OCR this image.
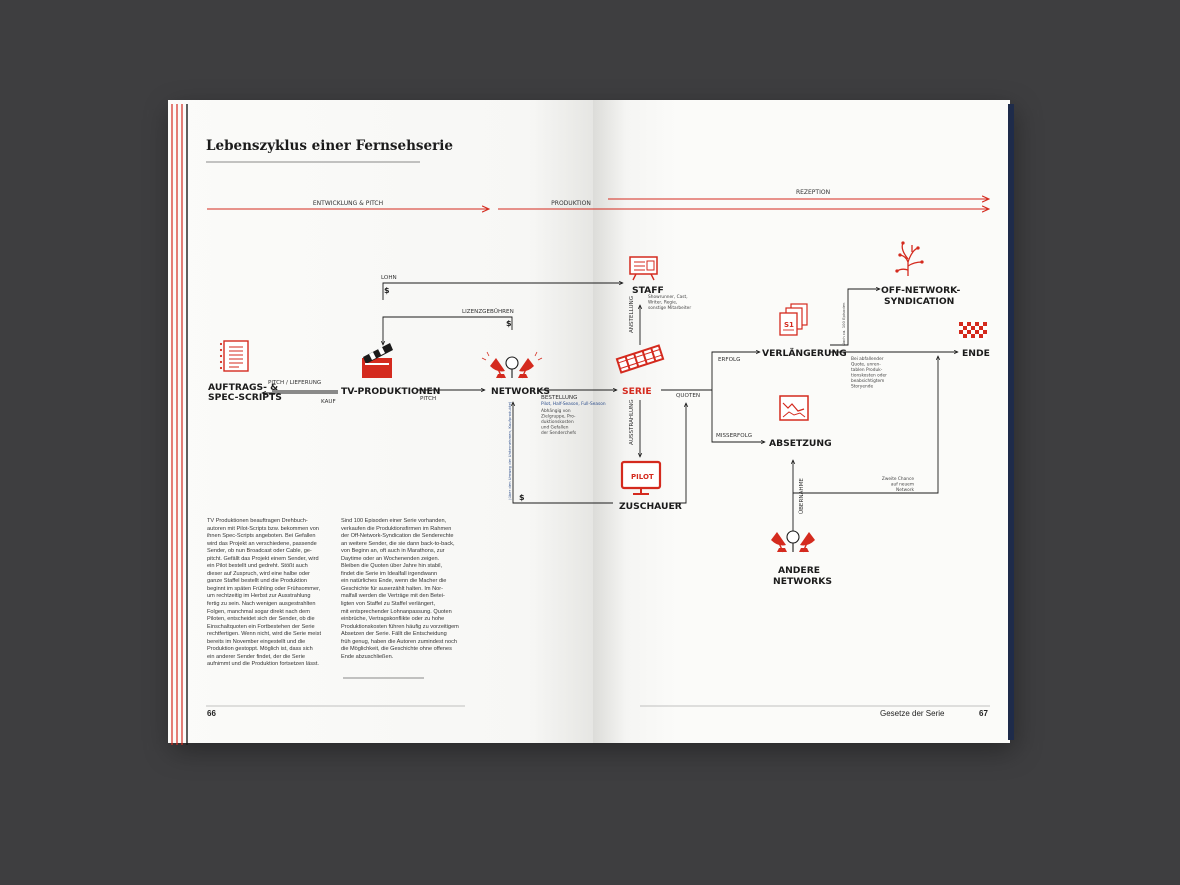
Lebenszyklus einer Fernsehserie
ENTWICKLUNG & PITCH	PRODUKTION
REZEPTION
$
$
$
LOHN
LIZENZGEBÜHREN
PITCH / LIEFERUNG
KAUF	PITCH	BESTELLUNG	QUOTEN
ERFOLG
MISSERFOLG
ANSTELLUNG
AUSSTRAHLUNG
ÜBERNAHME
Showrunner, Cast,
Writer, Regie,
sonstige Mitarbeiter
Pilot, Half-Season, Full-Season
Abhängig von
Zielgruppe, Pro-
duktionskosten
und Gefallen
der Senderchefs
(über den Umweg der Unternehmen, Kaufprodukte)
Nach ca. 100 Episoden
Bei abfallender
Quote, unren-
tablen Produk-
tionskosten oder
beabsichtigtem
Storyende
Zweite Chance
auf neuem
Network
AUFTRAGS- &
SPEC-SCRIPTS
TV-PRODUKTIONEN	NETWORKS
STAFF
SERIE
ZUSCHAUER
VERLÄNGERUNG
ABSETZUNG
OFF-NETWORK-
SYNDICATION
ENDE
ANDERE
NETWORKS
PILOT
S1

TV Produktionen beauftragen Drehbuch-

autoren mit Pilot-Scripts bzw. bekommen von

ihnen Spec-Scripts angeboten. Bei Gefallen

wird das Projekt an verschiedene, passende

Sender, ob nun Broadcast oder Cable, ge-

pitcht. Gefällt das Projekt einem Sender, wird

ein Pilot bestellt und gedreht. Stößt auch

dieser auf Zuspruch, wird eine halbe oder

ganze Staffel bestellt und die Produktion

beginnt im späten Frühling oder Frühsommer,

um rechtzeitig im Herbst zur Ausstrahlung

fertig zu sein. Nach wenigen ausgestrahlten

Folgen, manchmal sogar direkt nach dem

Piloten, entscheidet sich der Sender, ob die

Einschaltquoten ein Fortbestehen der Serie

rechtfertigen. Wenn nicht, wird die Serie meist

bereits im November eingestellt und die

Produktion gestoppt. Möglich ist, dass sich

ein anderer Sender findet, der die Serie

aufnimmt und die Produktion fortsetzen lässt.

Sind 100 Episoden einer Serie vorhanden,

verkaufen die Produktionsfirmen im Rahmen

der Off-Network-Syndication die Senderechte

an weitere Sender, die sie dann back-to-back,

von Beginn an, oft auch in Marathons, zur

Daytime oder an Wochenenden zeigen.

Bleiben die Quoten über Jahre hin stabil,

findet die Serie im Idealfall irgendwann

ein natürliches Ende, wenn die Macher die

Geschichte für auserzählt halten. Im Nor-

malfall werden die Verträge mit den Betei-

ligten von Staffel zu Staffel verlängert,

mit entsprechender Lohnanpassung. Quoten

einbrüche, Vertragskonflikte oder zu hohe

Produktionskosten führen häufig zu vorzeitigem

Absetzen der Serie. Fällt die Entscheidung

früh genug, haben die Autoren zumindest noch

die Möglichkeit, die Geschichte ohne offenes

Ende abzuschließen.

66	Gesetze der Serie	67
